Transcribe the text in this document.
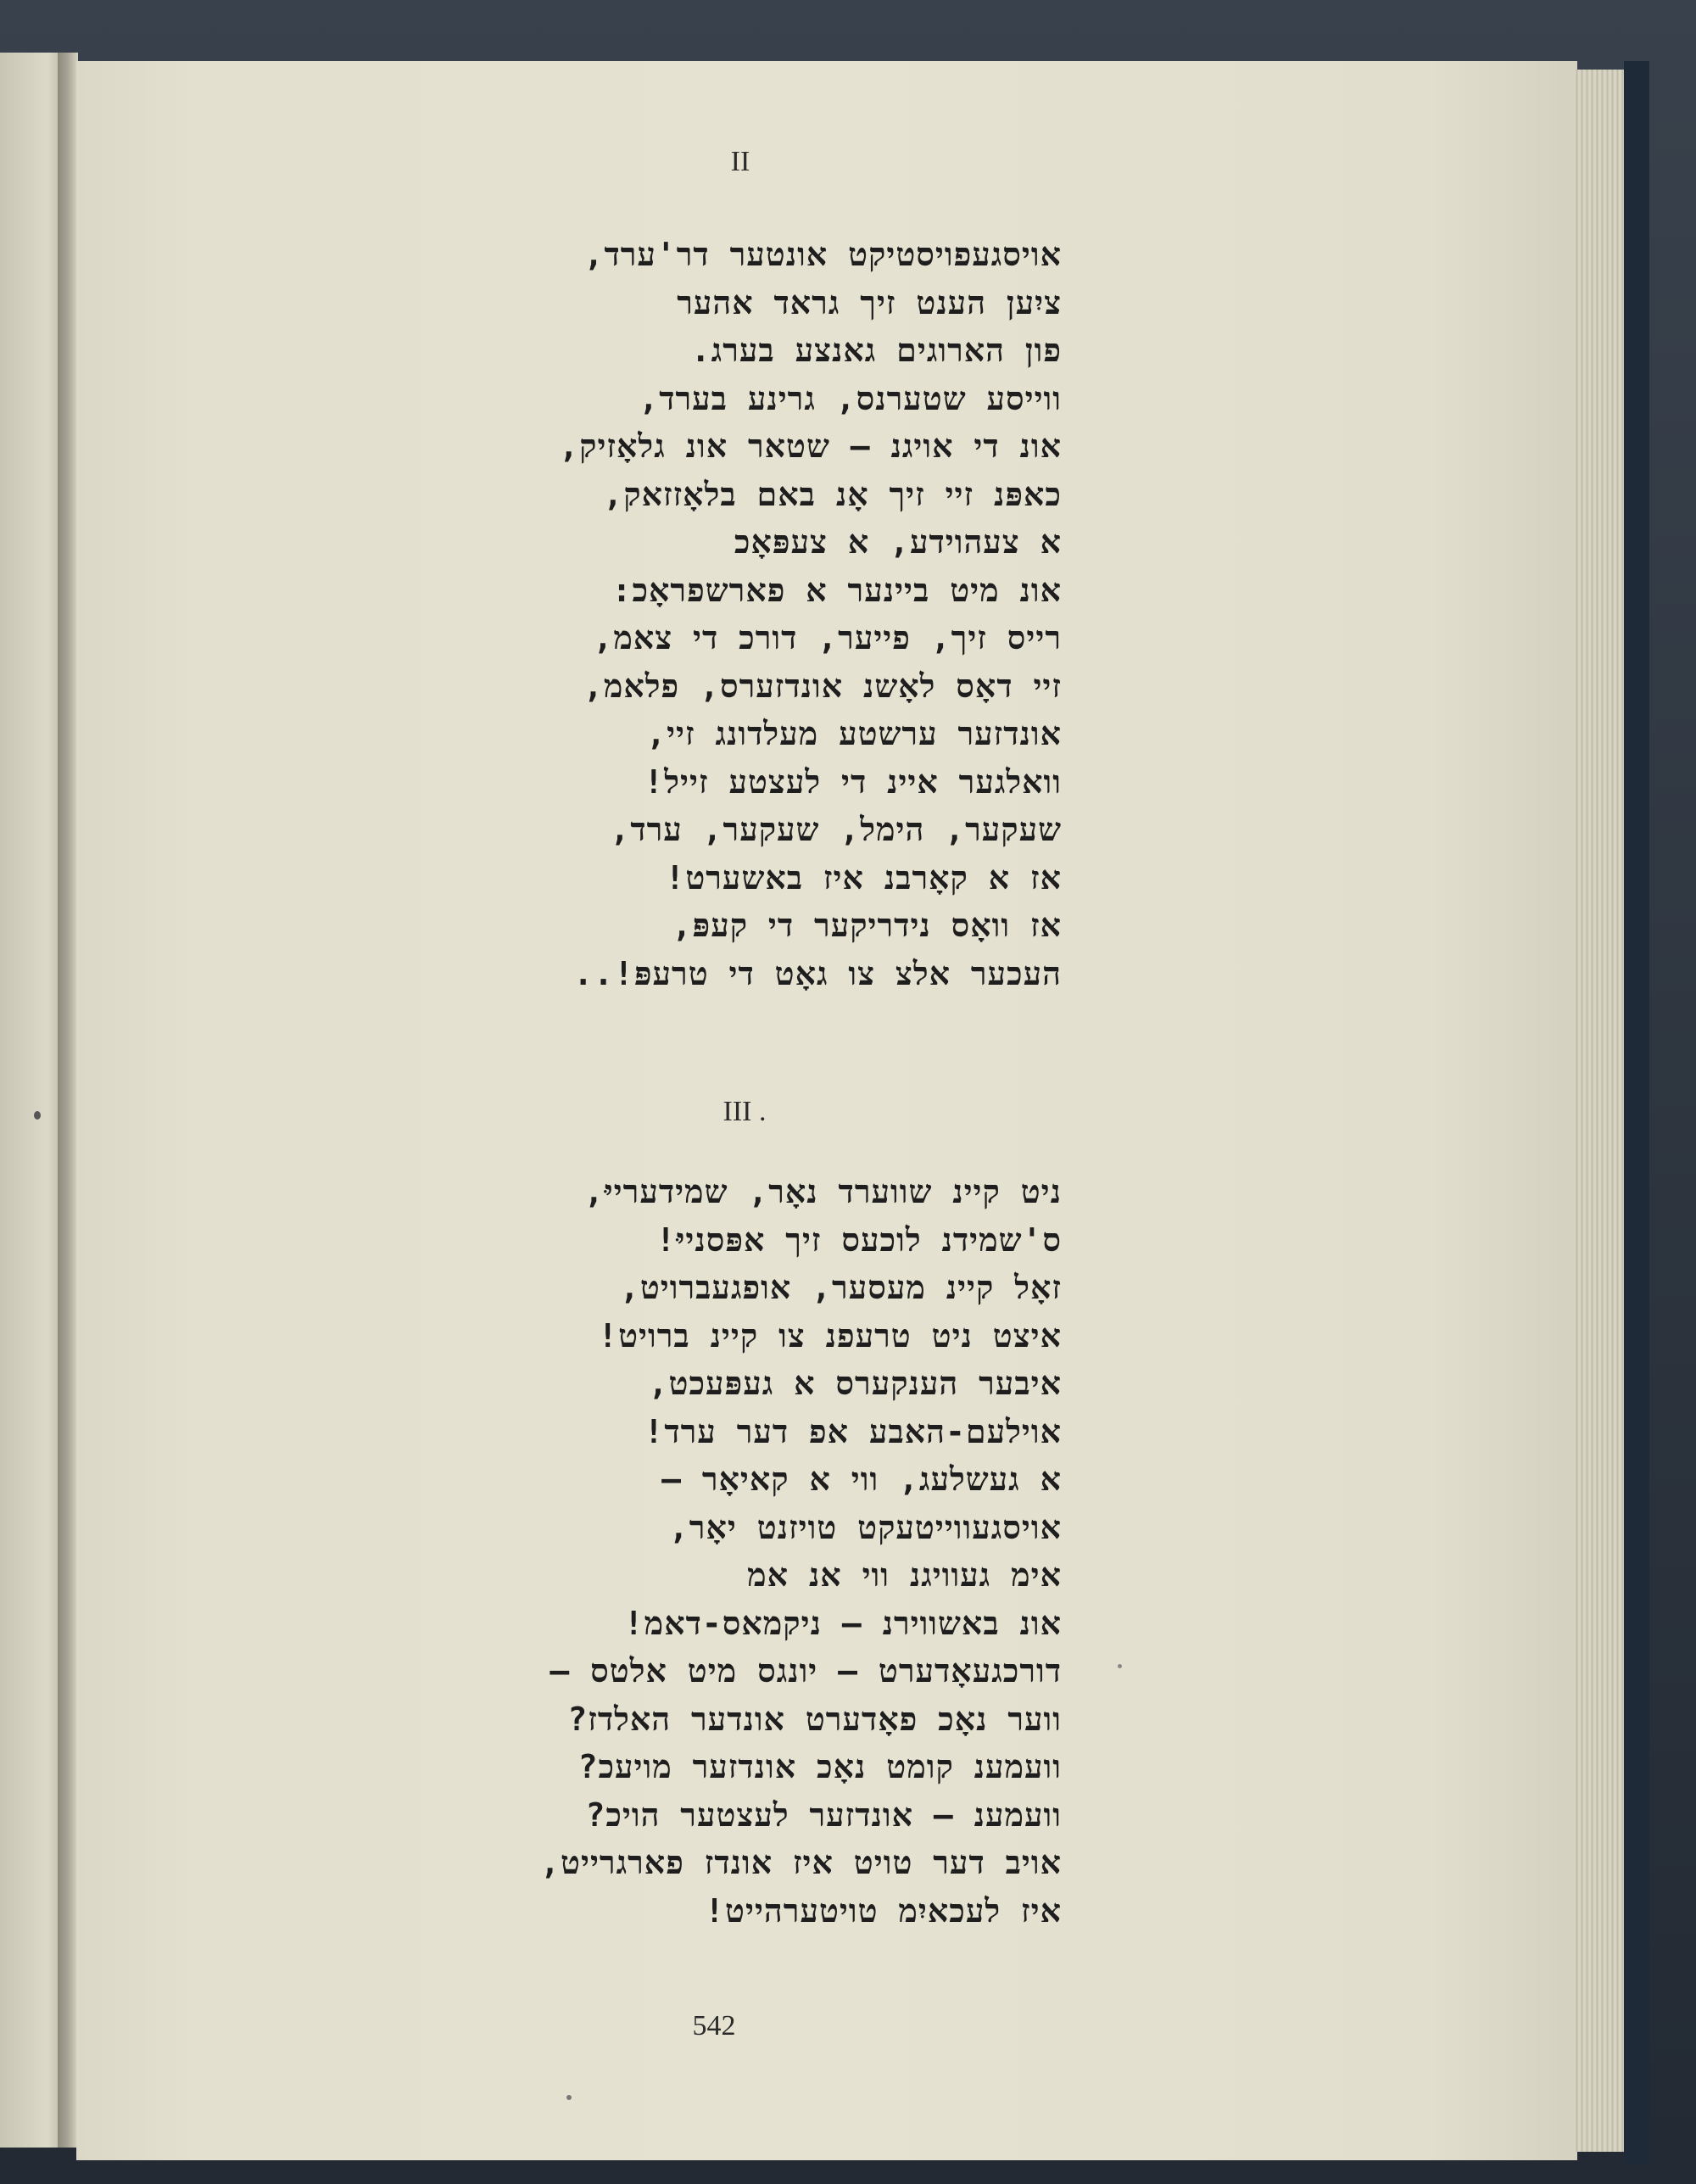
II
אויסגעפויסטיקט אונטער דר'ערד,
ציִען הענט זיך גראד אהער
פון הארוגים גאנצע בערג.
ווייסע שטערנס, גרינע בערד,
אונ די אויגנ — שטאר אונ גלאָזיק,
כאפּנ זיי זיך אָנ באם בלאָזזאק,
א צעהוידע, א צעפּאָכ
אונ מיט ביינער א פארשפראָכ:
רייס זיך, פייער, דורכ די צאמ,
זיי דאָס לאָשנ אונדזערס, פלאמ,
אונדזער ערשטע מעלדונג זיי,
וואלגער איינ די לעצטע זייל!
שעקער, הימל, שעקער, ערד,
אז א קאָרבנ איז באשערט!
אז וואָס נידריקער די קעפּ,
העכער אלצ צו גאָט די טרעפּ!..
III .
ניט קיינ שווערד נאָר, שמידערייּ,
ס'שמידנ לוכעס זיך אפּסנייּ!
זאָל קיינ מעסער, אופגעברויט,
איצט ניט טרעפנ צו קיינ ברויט!
איבער הענקערס א געפּעכט,
אוילעם-האבע אפ דער ערד!
א געשלעג, ווי א קאיאָר —
אויסגעווייטעקט טויזנט יאָר,
אימ געוויגנ ווי אנ אמ
אונ באשווירנ — ניקמאס-דאמ!
דורכגעאָדערט — יונגס מיט אלטס —
ווער נאָכ פאָדערט אונדער האלדז?
וועמענ קומט נאָכ אונדזער מויעכ?
וועמענ — אונדזער לעצטער הויכ?
אויב דער טויט איז אונדז פארגרייט,
איז לעכאיִמ טויטערהייט!
542
